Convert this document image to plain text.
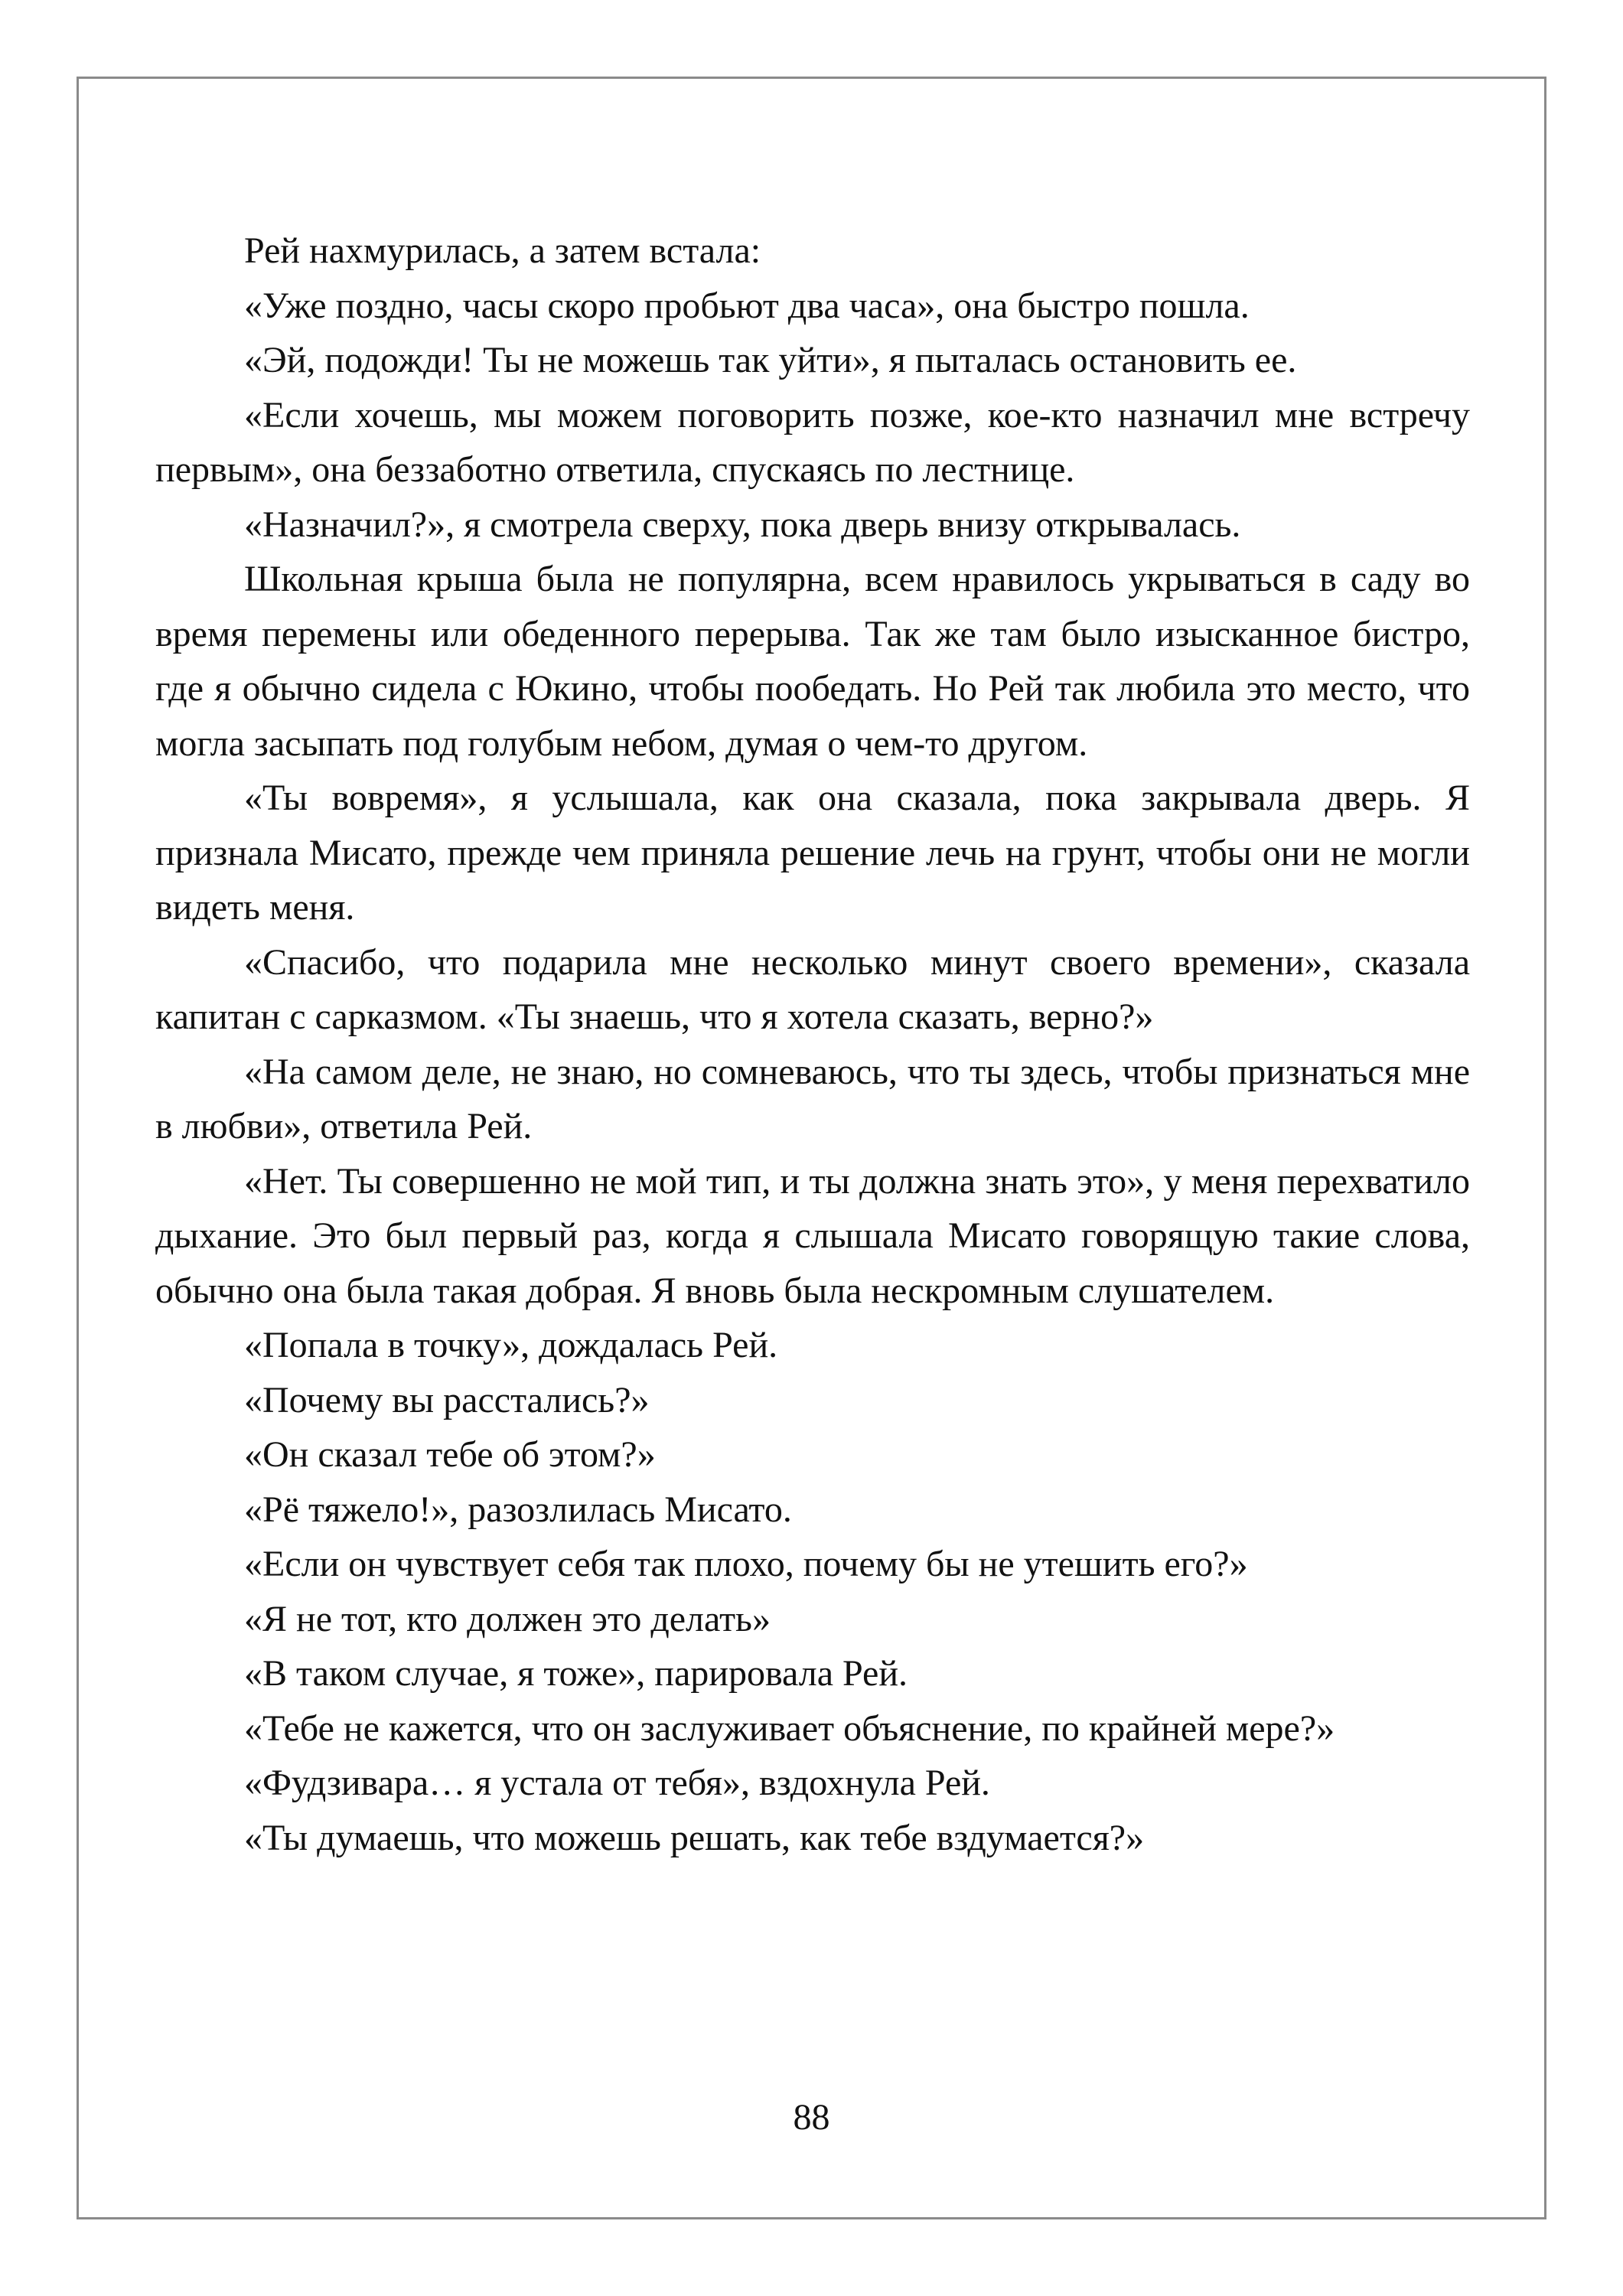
Рей нахмурилась, а затем встала:

«Уже поздно, часы скоро пробьют два часа», она быстро пошла.

«Эй, подожди! Ты не можешь так уйти», я пыталась остановить ее.

«Если хочешь, мы можем поговорить позже, кое-кто назначил мне встречу первым», она беззаботно ответила, спускаясь по лестнице.

«Назначил?», я смотрела сверху, пока дверь внизу открывалась.

Школьная крыша была не популярна, всем нравилось укрываться в саду во время перемены или обеденного перерыва. Так же там было изысканное бистро, где я обычно сидела с Юкино, чтобы пообедать. Но Рей так любила это место, что могла засыпать под голубым небом, думая о чем-то другом.

«Ты вовремя», я услышала, как она сказала, пока закрывала дверь. Я признала Мисато, прежде чем приняла решение лечь на грунт, чтобы они не могли видеть меня.

«Спасибо, что подарила мне несколько минут своего времени», сказала капитан с сарказмом. «Ты знаешь, что я хотела сказать, верно?»

«На самом деле, не знаю, но сомневаюсь, что ты здесь, чтобы признаться мне в любви», ответила Рей.

«Нет. Ты совершенно не мой тип, и ты должна знать это», у меня перехватило дыхание. Это был первый раз, когда я слышала Мисато говорящую такие слова, обычно она была такая добрая. Я вновь была нескромным слушателем.

«Попала в точку», дождалась Рей.

«Почему вы расстались?»

«Он сказал тебе об этом?»

«Рё тяжело!», разозлилась Мисато.

«Если он чувствует себя так плохо, почему бы не утешить его?»

«Я не тот, кто должен это делать»

«В таком случае, я тоже», парировала Рей.

«Тебе не кажется, что он заслуживает объяснение, по крайней мере?»

«Фудзивара… я устала от тебя», вздохнула Рей.

«Ты думаешь, что можешь решать, как тебе вздумается?»

88
